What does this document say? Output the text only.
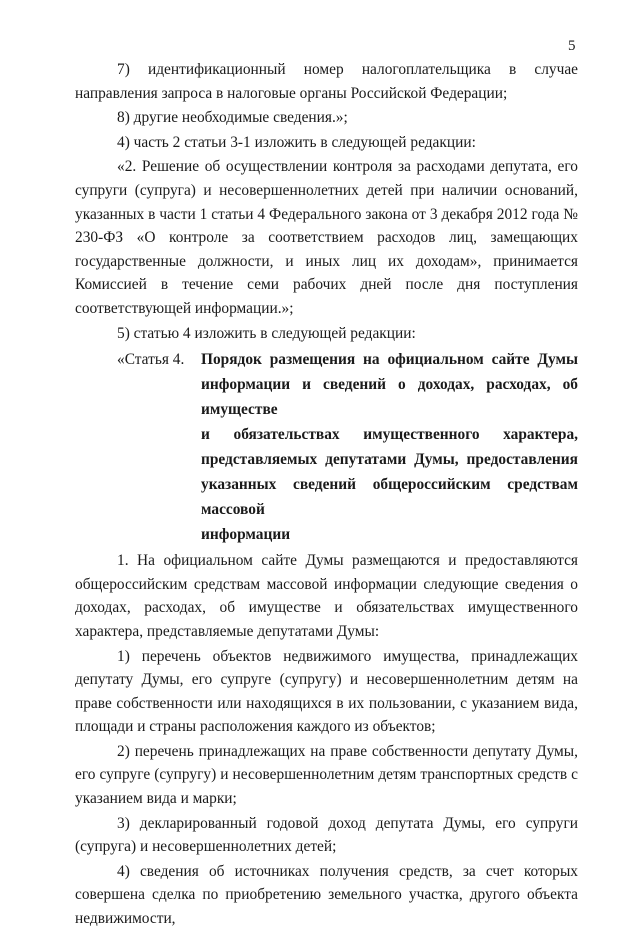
5

7) идентификационный номер налогоплательщика в случае направления запроса в налоговые органы Российской Федерации;

8) другие необходимые сведения.»;

4) часть 2 статьи 3-1 изложить в следующей редакции:

«2. Решение об осуществлении контроля за расходами депутата, его супруги (супруга) и несовершеннолетних детей при наличии оснований, указанных в части 1 статьи 4 Федерального закона от 3 декабря 2012 года № 230-ФЗ «О контроле за соответствием расходов лиц, замещающих государственные должности, и иных лиц их доходам», принимается Комиссией в течение семи рабочих дней после дня поступления соответствующей информации.»;

5) статью 4 изложить в следующей редакции:

«Статья 4.	Порядок размещения на официальном сайте Думы
информации и сведений о доходах, расходах, об имуществе
и обязательствах имущественного характера,
представляемых депутатами Думы, предоставления
указанных сведений общероссийским средствам массовой
информации

1. На официальном сайте Думы размещаются и предоставляются общероссийским средствам массовой информации следующие сведения о доходах, расходах, об имуществе и обязательствах имущественного характера, представляемые депутатами Думы:

1) перечень объектов недвижимого имущества, принадлежащих депутату Думы, его супруге (супругу) и несовершеннолетним детям на праве собственности или находящихся в их пользовании, с указанием вида, площади и страны расположения каждого из объектов;

2) перечень принадлежащих на праве собственности депутату Думы, его супруге (супругу) и несовершеннолетним детям транспортных средств с указанием вида и марки;

3) декларированный годовой доход депутата Думы, его супруги (супруга) и несовершеннолетних детей;

4) сведения об источниках получения средств, за счет которых совершена сделка по приобретению земельного участка, другого объекта недвижимости,
